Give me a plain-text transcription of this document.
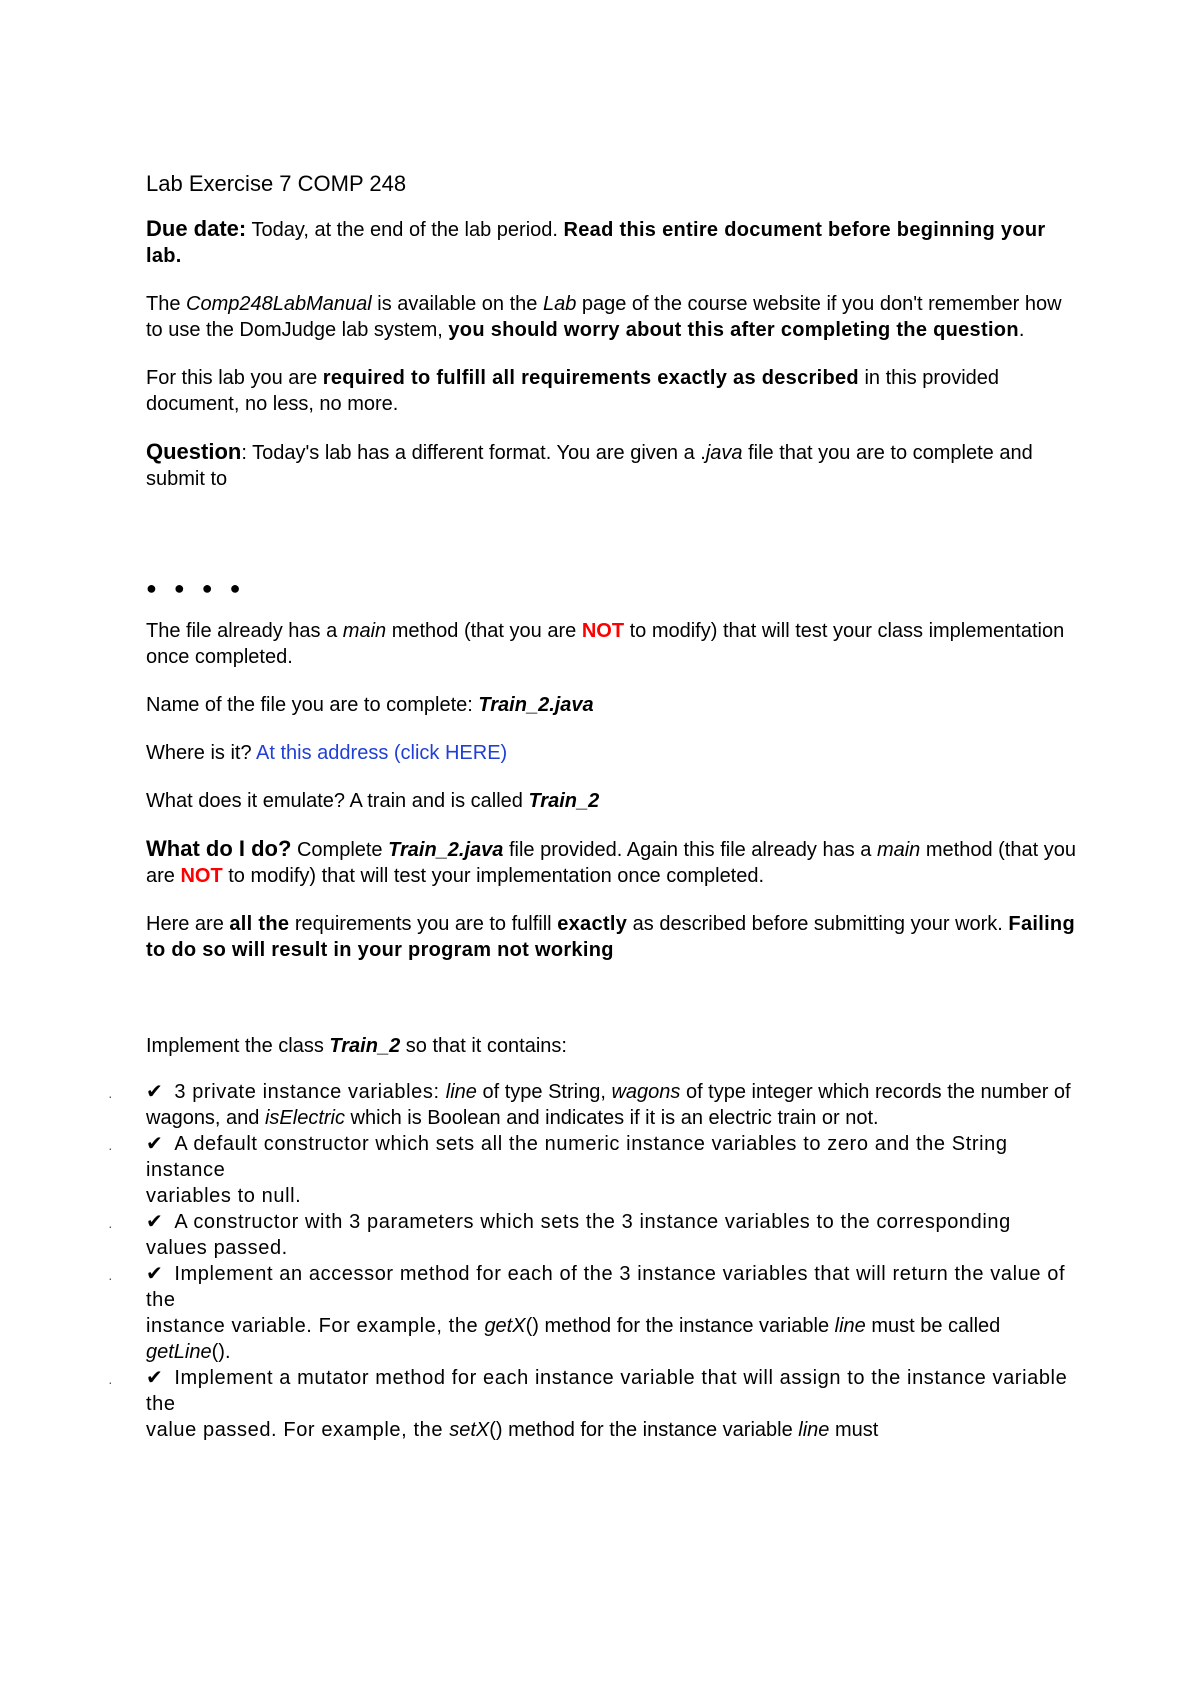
Lab Exercise 7 COMP 248

Due date: Today, at the end of the lab period. Read this entire document before beginning your lab.

The Comp248LabManual is available on the Lab page of the course website if you don't remember how to use the DomJudge lab system, you should worry about this after completing the question.

For this lab you are required to fulfill all requirements exactly as described in this provided document, no less, no more.

Question: Today's lab has a different format. You are given a .java file that you are to complete and submit to

● ● ● ●

The file already has a main method (that you are NOT to modify) that will test your class implementation once completed.

Name of the file you are to complete: Train_2.java

Where is it? At this address (click HERE)

What does it emulate? A train and is called Train_2

What do I do? Complete Train_2.java file provided. Again this file already has a main method (that you are NOT to modify) that will test your implementation once completed.

Here are all the requirements you are to fulfill exactly as described before submitting your work. Failing to do so will result in your program not working

Implement the class Train_2 so that it contains:

· ✔ 3 private instance variables: line of type String, wagons of type integer which records the number of
wagons, and isElectric which is Boolean and indicates if it is an electric train or not.
· ✔ A default constructor which sets all the numeric instance variables to zero and the String instance
variables to null.
· ✔ A constructor with 3 parameters which sets the 3 instance variables to the corresponding values passed.
· ✔ Implement an accessor method for each of the 3 instance variables that will return the value of the
instance variable. For example, the getX() method for the instance variable line must be called
getLine().
· ✔ Implement a mutator method for each instance variable that will assign to the instance variable the
value passed. For example, the setX() method for the instance variable line must
